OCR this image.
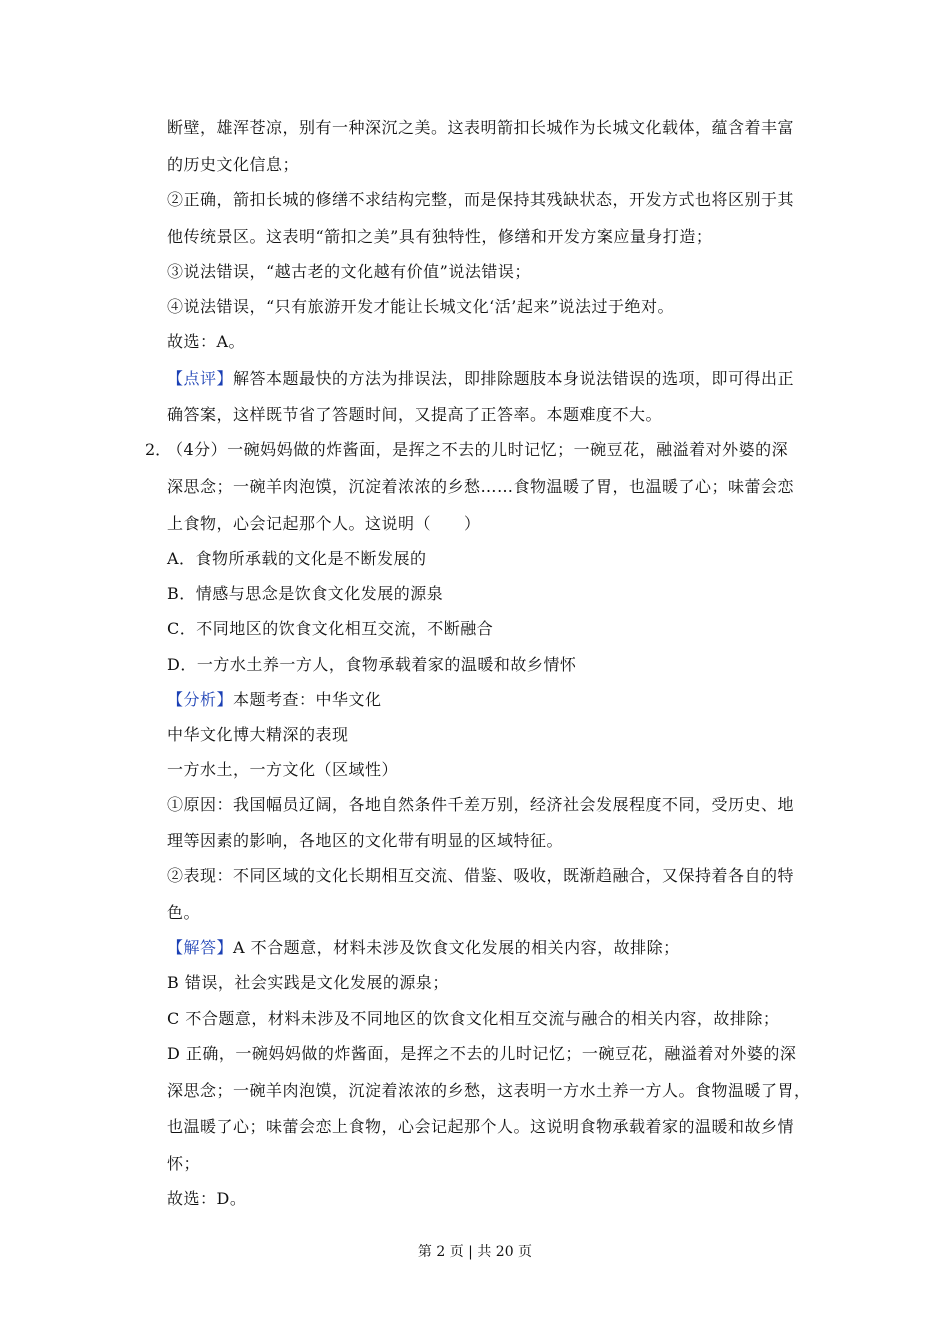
断壁，雄浑苍凉，别有一种深沉之美。这表明箭扣长城作为长城文化载体，蕴含着丰富
的历史文化信息；
②正确，箭扣长城的修缮不求结构完整，而是保持其残缺状态，开发方式也将区别于其
他传统景区。这表明“箭扣之美”具有独特性，修缮和开发方案应量身打造；
③说法错误，“越古老的文化越有价值”说法错误；
④说法错误，“只有旅游开发才能让长城文化‘活’起来”说法过于绝对。
故选：A。
【点评】解答本题最快的方法为排误法，即排除题肢本身说法错误的选项，即可得出正
确答案，这样既节省了答题时间，又提高了正答率。本题难度不大。
2．
（4分）一碗妈妈做的炸酱面，是挥之不去的儿时记忆；一碗豆花，融溢着对外婆的深
深思念；一碗羊肉泡馍，沉淀着浓浓的乡愁……食物温暖了胃，也温暖了心；味蕾会恋
上食物，心会记起那个人。这说明（　　）
A．食物所承载的文化是不断发展的
B．情感与思念是饮食文化发展的源泉
C．不同地区的饮食文化相互交流，不断融合
D．一方水土养一方人，食物承载着家的温暖和故乡情怀
【分析】本题考查：中华文化
中华文化博大精深的表现
一方水土，一方文化（区域性）
①原因：我国幅员辽阔，各地自然条件千差万别，经济社会发展程度不同，受历史、地
理等因素的影响，各地区的文化带有明显的区域特征。
②表现：不同区域的文化长期相互交流、借鉴、吸收，既渐趋融合，又保持着各自的特
色。
【解答】A 不合题意，材料未涉及饮食文化发展的相关内容，故排除；
B 错误，社会实践是文化发展的源泉；
C 不合题意，材料未涉及不同地区的饮食文化相互交流与融合的相关内容，故排除；
D 正确，一碗妈妈做的炸酱面，是挥之不去的儿时记忆；一碗豆花，融溢着对外婆的深
深思念；一碗羊肉泡馍，沉淀着浓浓的乡愁，这表明一方水土养一方人。食物温暖了胃，
也温暖了心；味蕾会恋上食物，心会记起那个人。这说明食物承载着家的温暖和故乡情
怀；
故选：D。
第 2 页 | 共 20 页
